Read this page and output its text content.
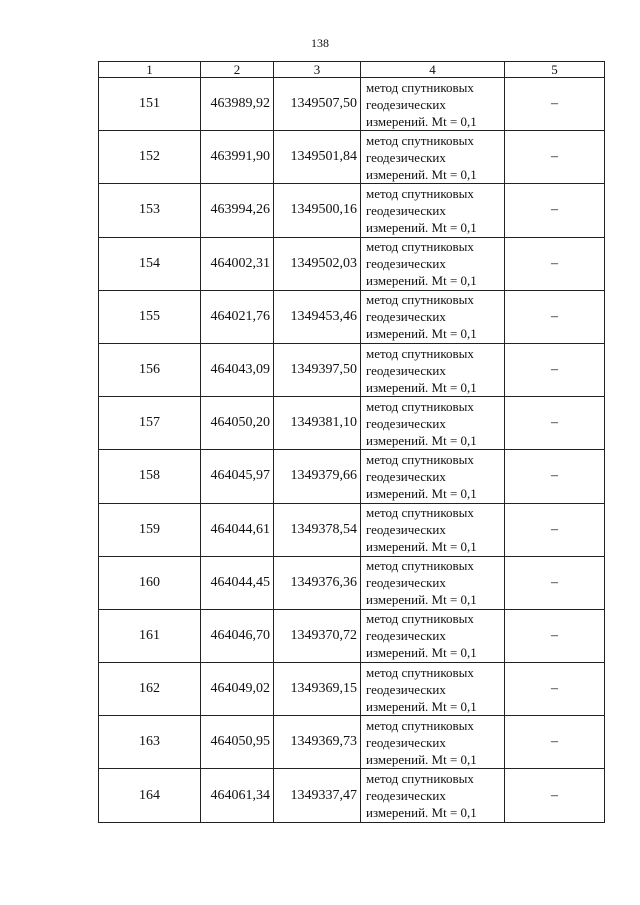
138
1	2	3	4	5
151	463989,92	1349507,50	метод спутниковых
геодезических
измерений. Mt = 0,1	–
152	463991,90	1349501,84	метод спутниковых
геодезических
измерений. Mt = 0,1	–
153	463994,26	1349500,16	метод спутниковых
геодезических
измерений. Mt = 0,1	–
154	464002,31	1349502,03	метод спутниковых
геодезических
измерений. Mt = 0,1	–
155	464021,76	1349453,46	метод спутниковых
геодезических
измерений. Mt = 0,1	–
156	464043,09	1349397,50	метод спутниковых
геодезических
измерений. Mt = 0,1	–
157	464050,20	1349381,10	метод спутниковых
геодезических
измерений. Mt = 0,1	–
158	464045,97	1349379,66	метод спутниковых
геодезических
измерений. Mt = 0,1	–
159	464044,61	1349378,54	метод спутниковых
геодезических
измерений. Mt = 0,1	–
160	464044,45	1349376,36	метод спутниковых
геодезических
измерений. Mt = 0,1	–
161	464046,70	1349370,72	метод спутниковых
геодезических
измерений. Mt = 0,1	–
162	464049,02	1349369,15	метод спутниковых
геодезических
измерений. Mt = 0,1	–
163	464050,95	1349369,73	метод спутниковых
геодезических
измерений. Mt = 0,1	–
164	464061,34	1349337,47	метод спутниковых
геодезических
измерений. Mt = 0,1	–
